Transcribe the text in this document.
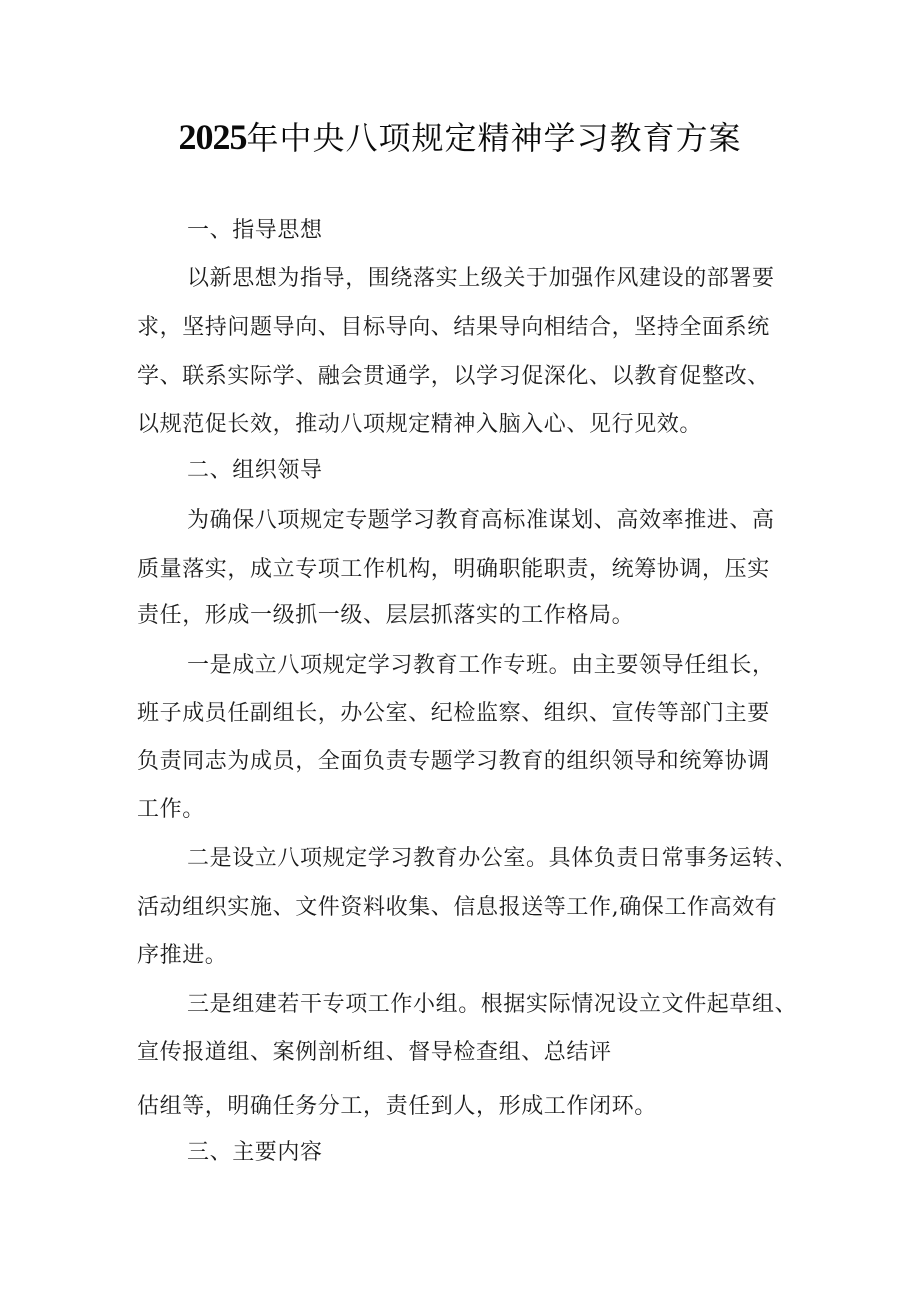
2025年中央八项规定精神学习教育方案
一、指导思想
以新思想为指导，围绕落实上级关于加强作风建设的部署要
求，坚持问题导向、目标导向、结果导向相结合，坚持全面系统
学、联系实际学、融会贯通学，以学习促深化、以教育促整改、
以规范促长效，推动八项规定精神入脑入心、见行见效。
二、组织领导
为确保八项规定专题学习教育高标准谋划、高效率推进、高
质量落实，成立专项工作机构，明确职能职责，统筹协调，压实
责任，形成一级抓一级、层层抓落实的工作格局。
一是成立八项规定学习教育工作专班。由主要领导任组长，
班子成员任副组长，办公室、纪检监察、组织、宣传等部门主要
负责同志为成员，全面负责专题学习教育的组织领导和统筹协调
工作。
二是设立八项规定学习教育办公室。具体负责日常事务运转、
活动组织实施、文件资料收集、信息报送等工作,确保工作高效有
序推进。
三是组建若干专项工作小组。根据实际情况设立文件起草组、
宣传报道组、案例剖析组、督导检查组、总结评
估组等，明确任务分工，责任到人，形成工作闭环。
三、主要内容
